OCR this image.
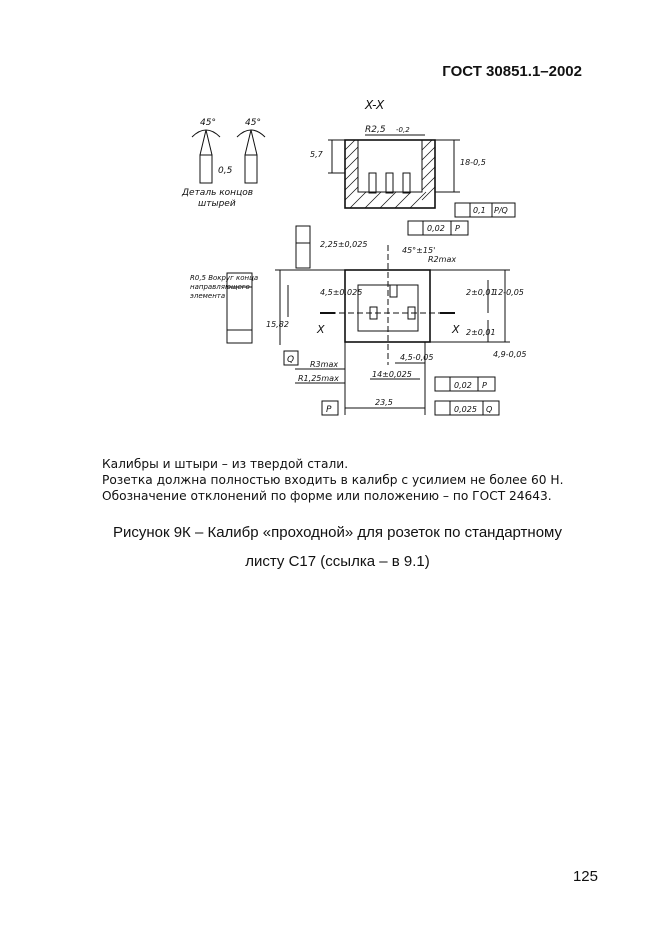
ГОСТ 30851.1–2002
X-X
R2,5 -0,2
45°	45°
0,5
Деталь концов
штырей
5,7
18-0,5
0,1 P/Q
0,02 P
2,25±0,025
45°±15'
R2max
4,5±0,025
15,82
2±0,01
12-0,05
2±0,01
4,9-0,05
X	X
Q
R0,5 Вокруг конца
направляющего
элемента
R3max
R1,25max
4,5-0,05
14±0,025
0,02 P
23,5
P	0,025 Q
Калибры и штыри – из твердой стали.
Розетка должна полностью входить в калибр с усилием не более 60 Н.
Обозначение отклонений по форме или положению – по ГОСТ 24643.
Рисунок 9К – Калибр «проходной» для розеток по стандартному
листу С17 (ссылка – в 9.1)
125
